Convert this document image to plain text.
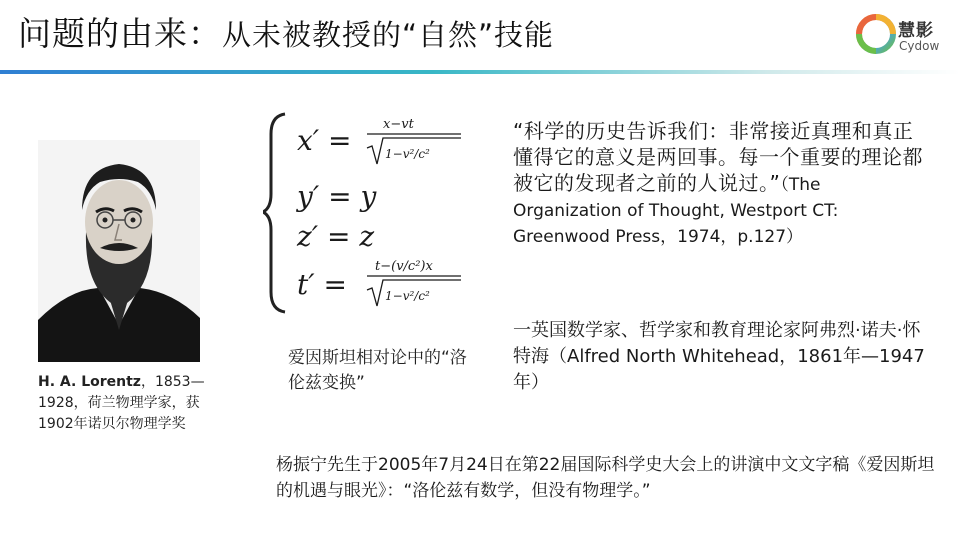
问题的由来：从未被教授的“自然”技能	慧影
Cydow
H. A. Lorentz，1853—1928，荷兰物理学家，获1902年诺贝尔物理学奖
x′ = x−vt
1−v²/c²
y′ = y
z′ = z
t′ =
t−(v/c²)x
1−v²/c²
爱因斯坦相对论中的“洛伦兹变换”
“科学的历史告诉我们：非常接近真理和真正懂得它的意义是两回事。每一个重要的理论都被它的发现者之前的人说过。”（The Organization of Thought, Westport CT:　Greenwood Press，1974，p.127）
一英国数学家、哲学家和教育理论家阿弗烈·诺夫·怀特海（Alfred North Whitehead，1861年—1947年）
杨振宁先生于2005年7月24日在第22届国际科学史大会上的讲演中文文字稿《爱因斯坦的机遇与眼光》：“洛伦兹有数学，但没有物理学。”
